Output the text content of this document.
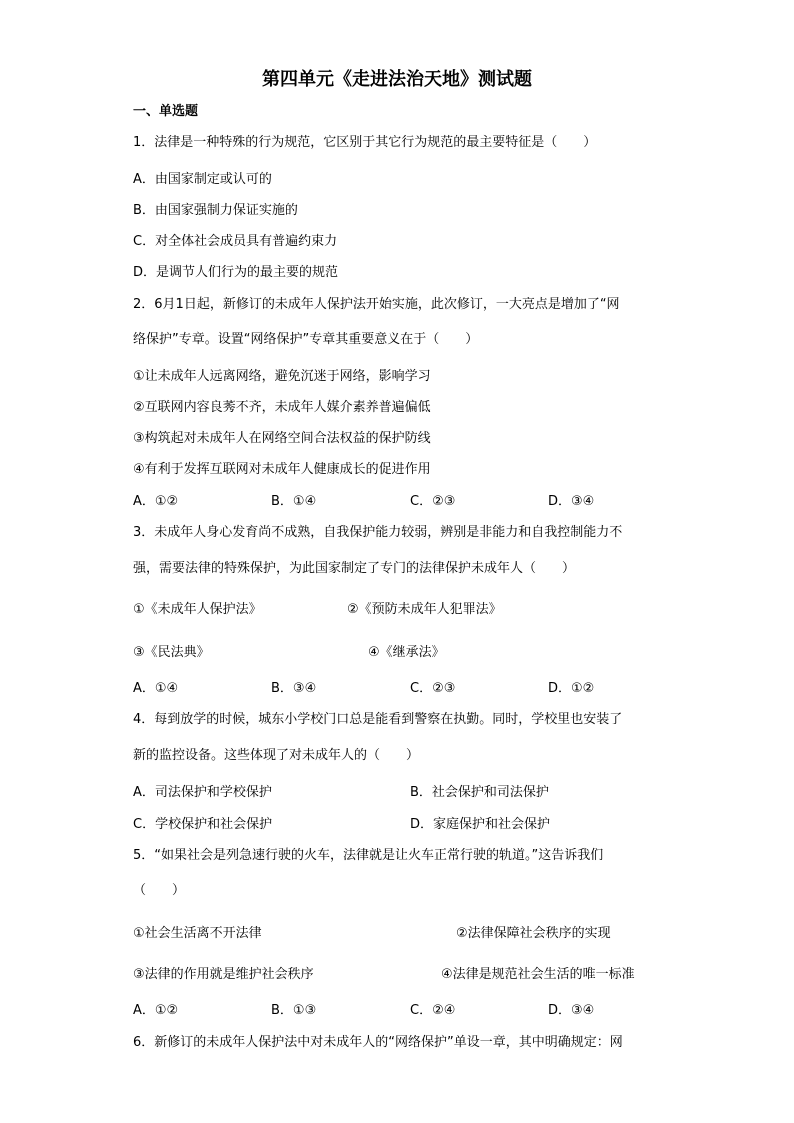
第四单元《走进法治天地》测试题
一、单选题
1．法律是一种特殊的行为规范，它区别于其它行为规范的最主要特征是（　　）
A．由国家制定或认可的
B．由国家强制力保证实施的
C．对全体社会成员具有普遍约束力
D．是调节人们行为的最主要的规范
2．6月1日起，新修订的未成年人保护法开始实施，此次修订，一大亮点是增加了“网
络保护”专章。设置“网络保护”专章其重要意义在于（　　）
①让未成年人远离网络，避免沉迷于网络，影响学习
②互联网内容良莠不齐，未成年人媒介素养普遍偏低
③构筑起对未成年人在网络空间合法权益的保护防线
④有利于发挥互联网对未成年人健康成长的促进作用
A．①②	B．①④	C．②③	D．③④
3．未成年人身心发育尚不成熟，自我保护能力较弱，辨别是非能力和自我控制能力不
强，需要法律的特殊保护，为此国家制定了专门的法律保护未成年人（　　）
①《未成年人保护法》	②《预防未成年人犯罪法》
③《民法典》	④《继承法》
A．①④	B．③④	C．②③	D．①②
4．每到放学的时候，城东小学校门口总是能看到警察在执勤。同时，学校里也安装了
新的监控设备。这些体现了对未成年人的（　　）
A．司法保护和学校保护	B．社会保护和司法保护
C．学校保护和社会保护	D．家庭保护和社会保护
5．“如果社会是列急速行驶的火车，法律就是让火车正常行驶的轨道。”这告诉我们
（　　）
①社会生活离不开法律	②法律保障社会秩序的实现
③法律的作用就是维护社会秩序	④法律是规范社会生活的唯一标准
A．①②	B．①③	C．②④	D．③④
6．新修订的未成年人保护法中对未成年人的“网络保护”单设一章，其中明确规定：网
